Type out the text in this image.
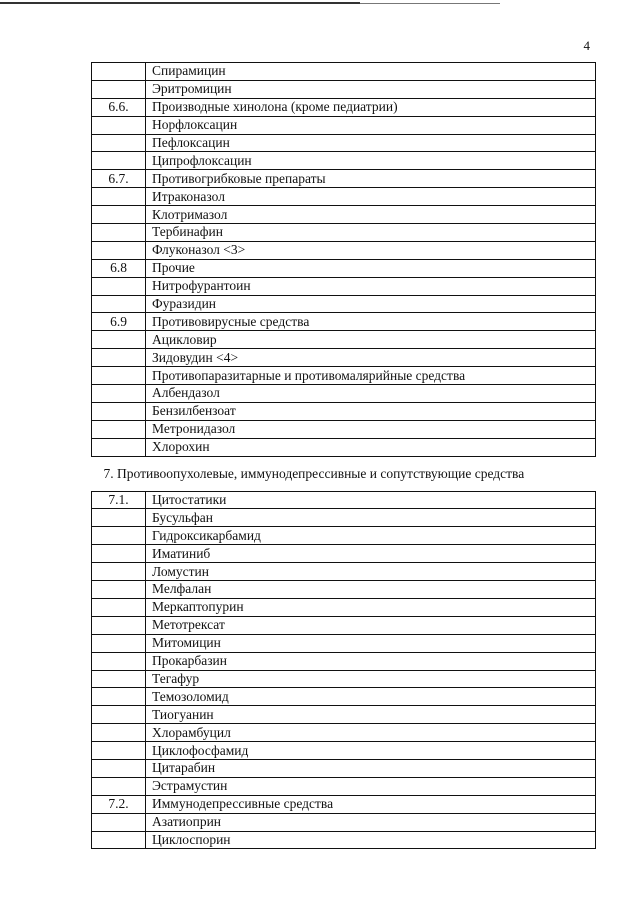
4
	Спирамицин
	Эритромицин
6.6.	Производные хинолона (кроме педиатрии)
	Норфлоксацин
	Пефлоксацин
	Ципрофлоксацин
6.7.	Противогрибковые препараты
	Итраконазол
	Клотримазол
	Тербинафин
	Флуконазол <3>
6.8	Прочие
	Нитрофурантоин
	Фуразидин
6.9	Противовирусные средства
	Ацикловир
	Зидовудин <4>
	Противопаразитарные и противомалярийные средства
	Албендазол
	Бензилбензоат
	Метронидазол
	Хлорохин
7. Противоопухолевые, иммунодепрессивные и сопутствующие средства	
7.1.	Цитостатики
	Бусульфан
	Гидроксикарбамид
	Иматиниб
	Ломустин
	Мелфалан
	Меркаптопурин
	Метотрексат
	Митомицин
	Прокарбазин
	Тегафур
	Темозоломид
	Тиогуанин
	Хлорамбуцил
	Циклофосфамид
	Цитарабин
	Эстрамустин
7.2.	Иммунодепрессивные средства
	Азатиоприн
	Циклоспорин
